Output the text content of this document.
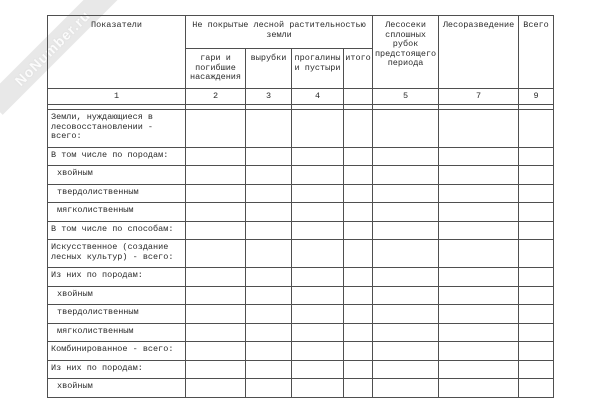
NoNumber.ru
Показатели	Не покрытые лесной растительностью земли				Лесосеки сплошных рубок предстоящего периода	Лесоразведение	Всего
	гари и погибшие насаждения	вырубки	прогалины и пустыри	итого			
1	2	3	4		5	7	9

Земли, нуждающиеся в лесовосстановлении - всего:							
В том числе по породам:							
хвойным							
твердолиственным							
мягколиственным							
В том числе по способам:							
Искусственное (создание лесных культур) - всего:							
Из них по породам:							
хвойным							
твердолиственным							
мягколиственным							
Комбинированное - всего:							
Из них по породам:							
хвойным							
